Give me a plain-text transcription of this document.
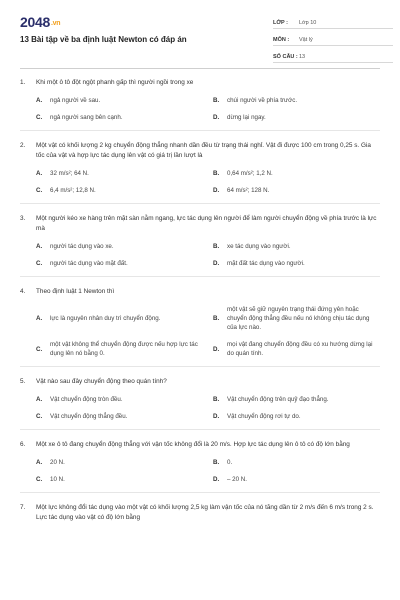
2048.vn
13 Bài tập về ba định luật Newton có đáp án
LỚP :	Lớp 10
MÔN :	Vật lý
SỐ CÂU : 13
1.	Khi một ô tô đột ngột phanh gấp thì người ngồi trong xe
A.	ngả người về sau.	B.	chúi người về phía trước.
C.	ngả người sang bên cạnh.	D.	dừng lại ngay.
2.	Một vật có khối lượng 2 kg chuyển động thẳng nhanh dần đều từ trạng thái nghỉ. Vật đi được 100 cm trong 0,25 s. Gia tốc của vật và hợp lực tác dụng lên vật có giá trị lần lượt là
A.	32 m/s²; 64 N.	B.	0,64 m/s²; 1,2 N.
C.	6,4 m/s²; 12,8 N.	D.	64 m/s²; 128 N.
3.	Một người kéo xe hàng trên mặt sàn nằm ngang, lực tác dụng lên người để làm người chuyển động về phía trước là lực mà
A.	người tác dụng vào xe.	B.	xe tác dụng vào người.
C.	người tác dụng vào mặt đất.	D.	mặt đất tác dụng vào người.
4.	Theo định luật 1 Newton thì
A.	lực là nguyên nhân duy trì chuyển động.	B.
một vật sẽ giữ nguyên trạng thái đứng yên hoặc chuyển động thẳng đều nếu nó không chịu tác dụng của lực nào.
C.
một vật không thể chuyển động được nếu hợp lực tác dụng lên nó bằng 0.
D.
mọi vật đang chuyển động đều có xu hướng dừng lại do quán tính.
5.	Vật nào sau đây chuyển động theo quán tính?
A.	Vật chuyển động tròn đều.	B.	Vật chuyển động trên quỹ đạo thẳng.
C.	Vật chuyển động thẳng đều.	D.	Vật chuyển động rơi tự do.
6.	Một xe ô tô đang chuyển động thẳng với vận tốc không đổi là 20 m/s. Hợp lực tác dụng lên ô tô có độ lớn bằng
A.	20 N.	B.	0.
C.	10 N.	D.	– 20 N.
7.	Một lực không đổi tác dụng vào một vật có khối lượng 2,5 kg làm vận tốc của nó tăng dần từ 2 m/s đến 6 m/s trong 2 s. Lực tác dụng vào vật có độ lớn bằng
